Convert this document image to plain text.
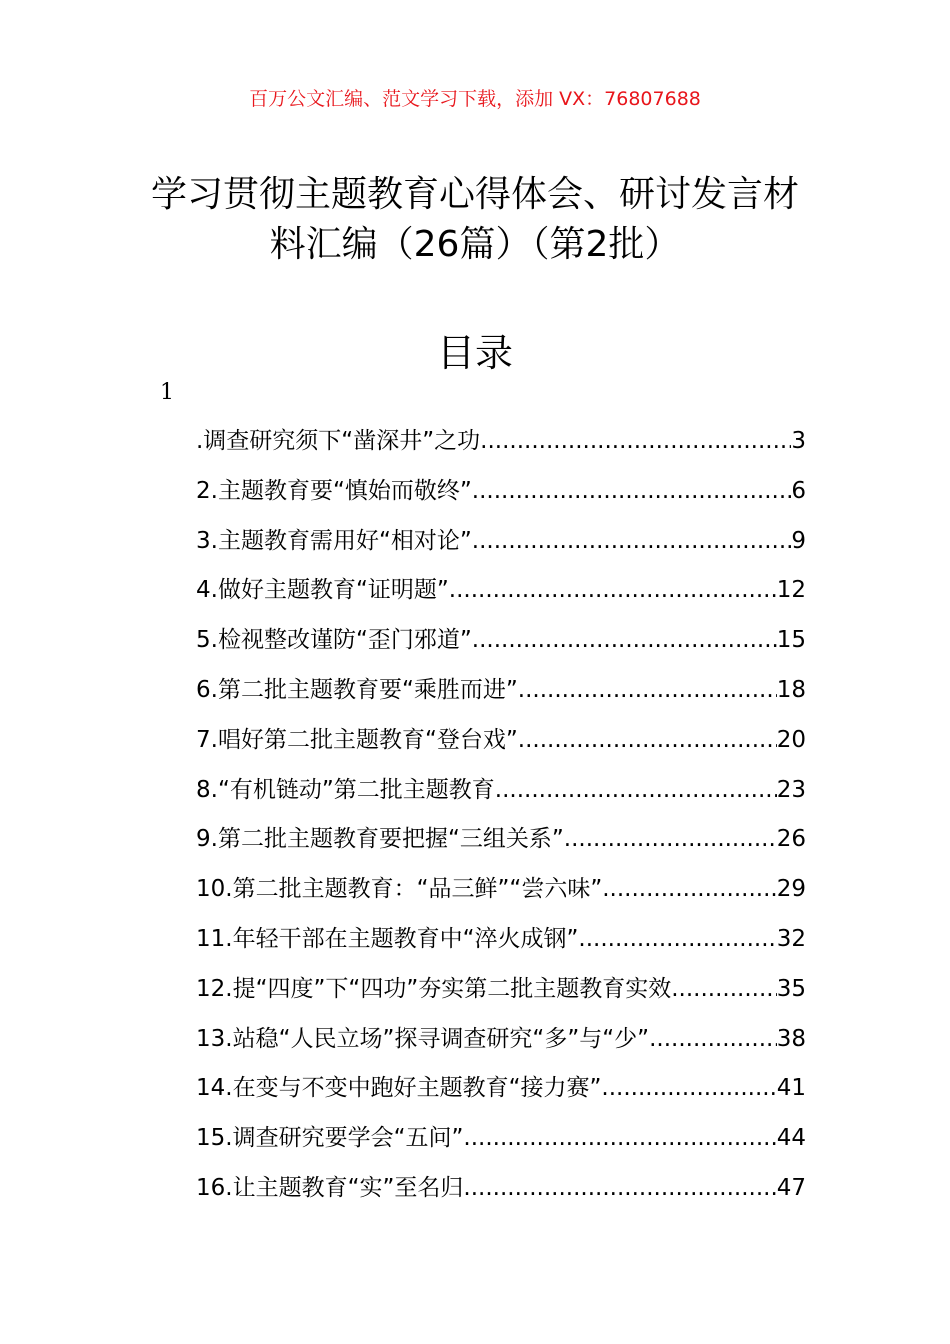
百万公文汇编、范文学习下载，添加 VX：76807688
学习贯彻主题教育心得体会、研讨发言材
料汇编（26篇）（第2批）
目录
1
.调查研究须下“凿深井”之功 .....	3
2.主题教育要“慎始而敬终” .....	6
3.主题教育需用好“相对论” .....	9
4.做好主题教育“证明题” .....	12
5.检视整改谨防“歪门邪道” .....	15
6.第二批主题教育要“乘胜而进” .....	18
7.唱好第二批主题教育“登台戏” .....	20
8.“有机链动”第二批主题教育 .....	23
9.第二批主题教育要把握“三组关系” .....	26
10.第二批主题教育：“品三鲜”“尝六味” .....	29
11.年轻干部在主题教育中“淬火成钢” .....	32
12.提“四度”下“四功”夯实第二批主题教育实效 .....	35
13.站稳“人民立场”探寻调查研究“多”与“少” .....	38
14.在变与不变中跑好主题教育“接力赛” .....	41
15.调查研究要学会“五问” .....	44
16.让主题教育“实”至名归 .....	47
